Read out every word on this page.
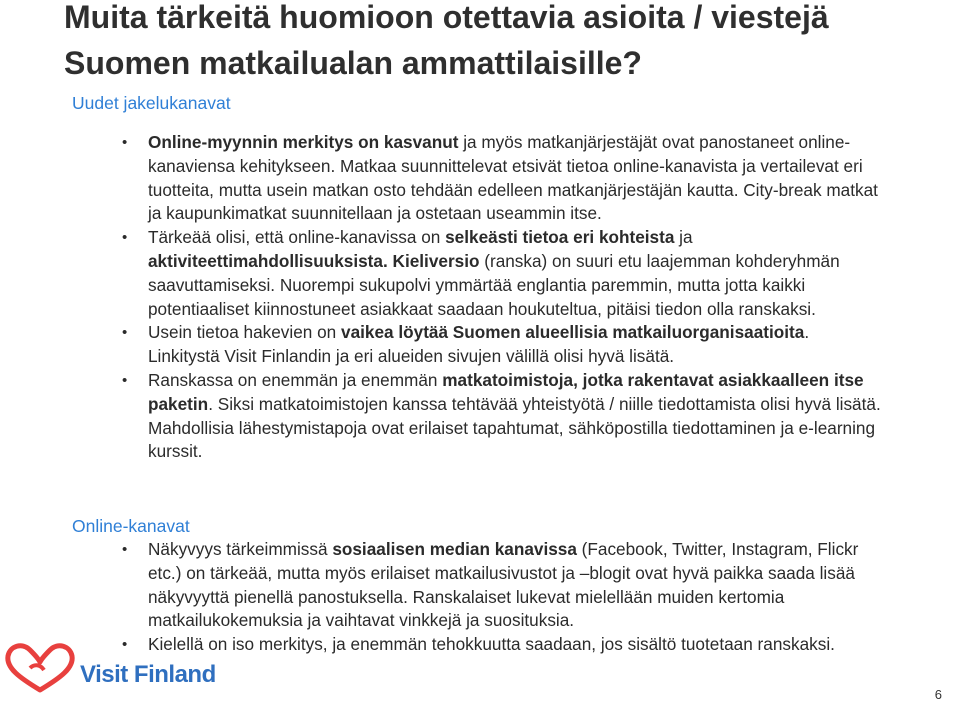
Muita tärkeitä huomioon otettavia asioita / viestejä Suomen matkailualan ammattilaisille?
Uudet jakelukanavat
• Online-myynnin merkitys on kasvanut ja myös matkanjärjestäjät ovat panostaneet online-kanaviensa kehitykseen. Matkaa suunnittelevat etsivät tietoa online-kanavista ja vertailevat eri tuotteita, mutta usein matkan osto tehdään edelleen matkanjärjestäjän kautta. City-break matkat ja kaupunkimatkat suunnitellaan ja ostetaan useammin itse.
• Tärkeää olisi, että online-kanavissa on selkeästi tietoa eri kohteista ja aktiviteettimahdollisuuksista. Kieliversio (ranska) on suuri etu laajemman kohderyhmän saavuttamiseksi. Nuorempi sukupolvi ymmärtää englantia paremmin, mutta jotta kaikki potentiaaliset kiinnostuneet asiakkaat saadaan houkuteltua, pitäisi tiedon olla ranskaksi.
• Usein tietoa hakevien on vaikea löytää Suomen alueellisia matkailuorganisaatioita. Linkitystä Visit Finlandin ja eri alueiden sivujen välillä olisi hyvä lisätä.
• Ranskassa on enemmän ja enemmän matkatoimistoja, jotka rakentavat asiakkaalleen itse paketin. Siksi matkatoimistojen kanssa tehtävää yhteistyötä / niille tiedottamista olisi hyvä lisätä. Mahdollisia lähestymistapoja ovat erilaiset tapahtumat, sähköpostilla tiedottaminen ja e-learning kurssit.
Online-kanavat
• Näkyvyys tärkeimmissä sosiaalisen median kanavissa (Facebook, Twitter, Instagram, Flickr etc.) on tärkeää, mutta myös erilaiset matkailusivustot ja –blogit ovat hyvä paikka saada lisää näkyvyyttä pienellä panostuksella. Ranskalaiset lukevat mielellään muiden kertomia matkailukokemuksia ja vaihtavat vinkkejä ja suosituksia.
• Kielellä on iso merkitys, ja enemmän tehokkuutta saadaan, jos sisältö tuotetaan ranskaksi.
Visit Finland
6
